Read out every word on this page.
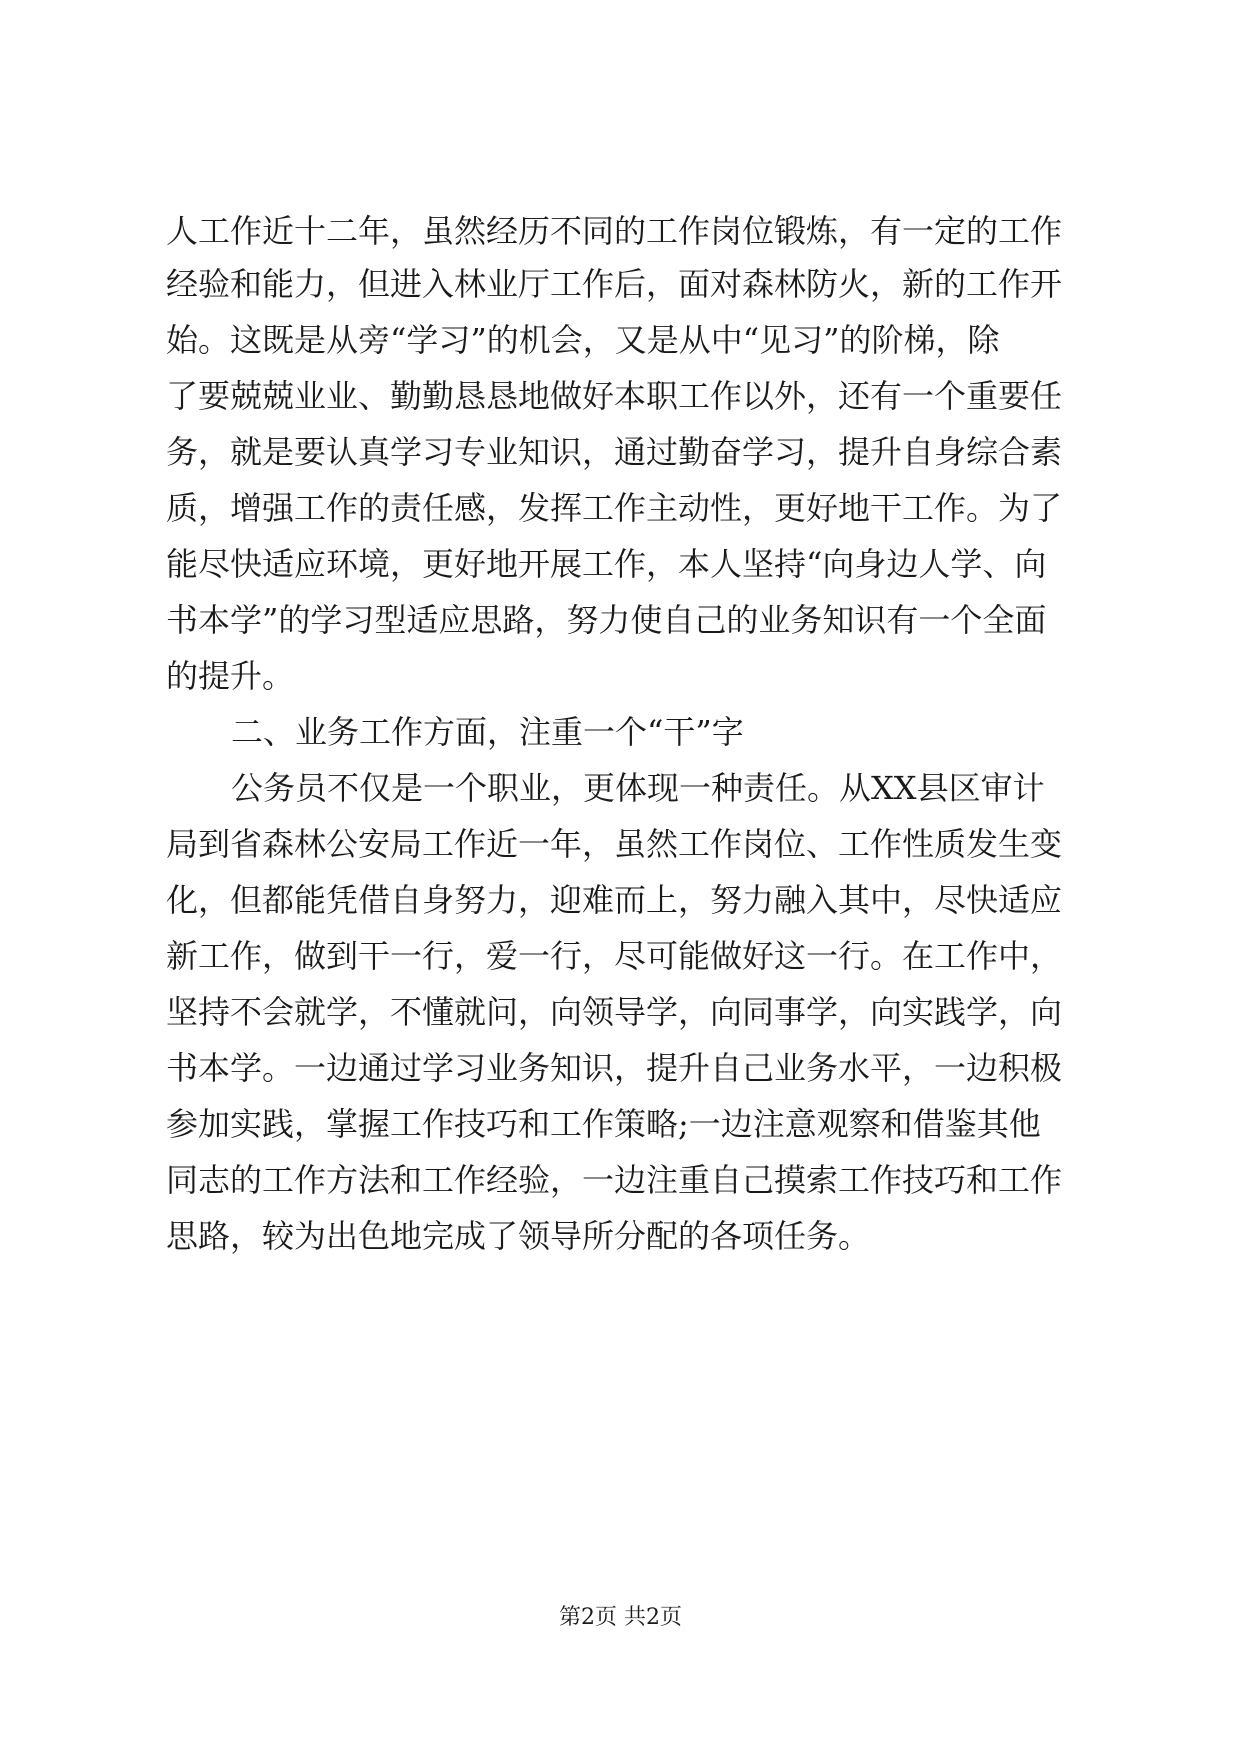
人工作近十二年，虽然经历不同的工作岗位锻炼，有一定的工作
经验和能力，但进入林业厅工作后，面对森林防火，新的工作开
始。这既是从旁“学习”的机会，又是从中“见习”的阶梯，除
了要兢兢业业、勤勤恳恳地做好本职工作以外，还有一个重要任
务，就是要认真学习专业知识，通过勤奋学习，提升自身综合素
质，增强工作的责任感，发挥工作主动性，更好地干工作。为了
能尽快适应环境，更好地开展工作，本人坚持“向身边人学、向
书本学”的学习型适应思路，努力使自己的业务知识有一个全面
的提升。
二、业务工作方面，注重一个“干”字
公务员不仅是一个职业，更体现一种责任。从XX县区审计
局到省森林公安局工作近一年，虽然工作岗位、工作性质发生变
化，但都能凭借自身努力，迎难而上，努力融入其中，尽快适应
新工作，做到干一行，爱一行，尽可能做好这一行。在工作中，
坚持不会就学，不懂就问，向领导学，向同事学，向实践学，向
书本学。一边通过学习业务知识，提升自己业务水平，一边积极
参加实践，掌握工作技巧和工作策略;一边注意观察和借鉴其他
同志的工作方法和工作经验，一边注重自己摸索工作技巧和工作
思路，较为出色地完成了领导所分配的各项任务。
第2页 共2页
